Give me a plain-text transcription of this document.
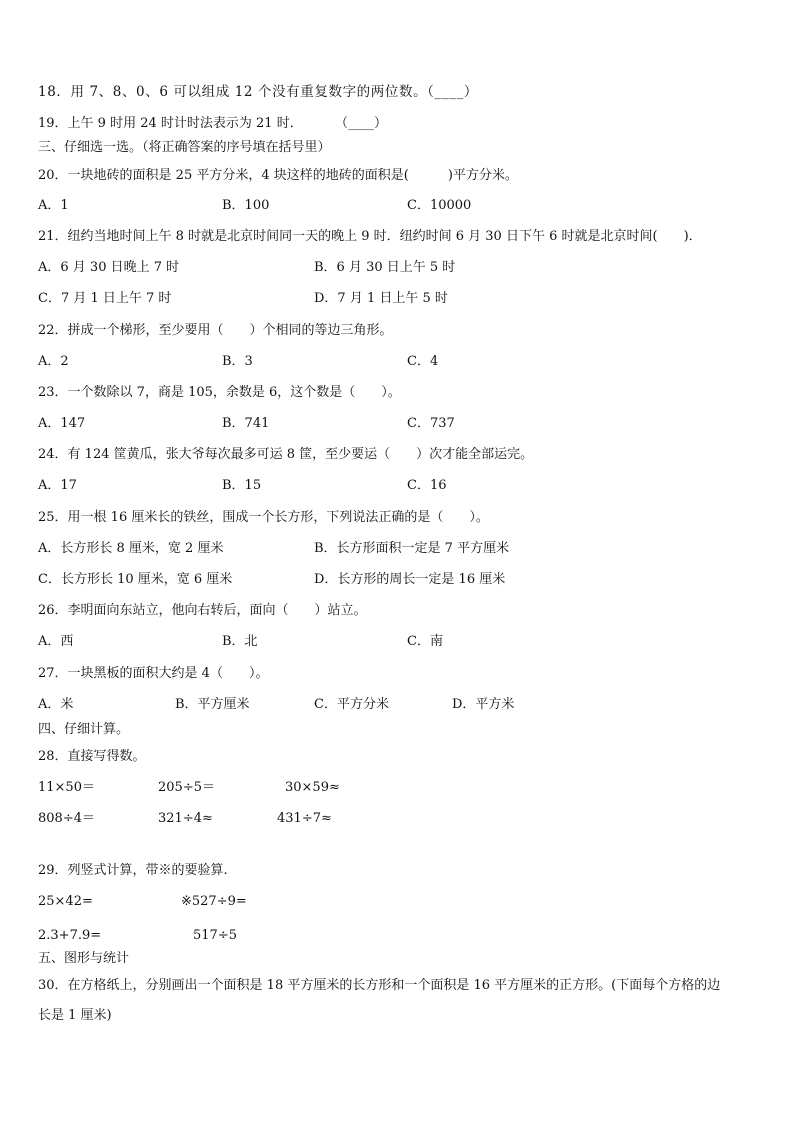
18．用 7、8、0、6 可以组成 12 个没有重复数字的两位数。（____）
19．上午 9 时用 24 时计时法表示为 21 时． （____）
三、仔细选一选。（将正确答案的序号填在括号里）
20．一块地砖的面积是 25 平方分米，4 块这样的地砖的面积是(　　　)平方分米。
A．1	B．100	C．10000
21．纽约当地时间上午 8 时就是北京时间同一天的晚上 9 时．纽约时间 6 月 30 日下午 6 时就是北京时间(　　)．
A．6 月 30 日晚上 7 时	B．6 月 30 日上午 5 时
C．7 月 1 日上午 7 时	D．7 月 1 日上午 5 时
22．拼成一个梯形，至少要用（　　）个相同的等边三角形。
A．2	B．3	C．4
23．一个数除以 7，商是 105，余数是 6，这个数是（　　）。
A．147	B．741	C．737
24．有 124 筐黄瓜，张大爷每次最多可运 8 筐，至少要运（　　）次才能全部运完。
A．17	B．15	C．16
25．用一根 16 厘米长的铁丝，围成一个长方形，下列说法正确的是（　　）。
A．长方形长 8 厘米，宽 2 厘米	B．长方形面积一定是 7 平方厘米
C．长方形长 10 厘米，宽 6 厘米	D．长方形的周长一定是 16 厘米
26．李明面向东站立，他向右转后，面向（　　）站立。
A．西	B．北	C．南
27．一块黑板的面积大约是 4（　　）。
A．米	B．平方厘米	C．平方分米	D．平方米
四、仔细计算。
28．直接写得数。
11×50＝	205÷5＝	30×59≈
808÷4＝	321÷4≈	431÷7≈
29．列竖式计算，带※的要验算.
25×42=	※527÷9=
2.3+7.9=	517÷5
五、图形与统计
30．在方格纸上，分别画出一个面积是 18 平方厘米的长方形和一个面积是 16 平方厘米的正方形。(下面每个方格的边
长是 1 厘米)
